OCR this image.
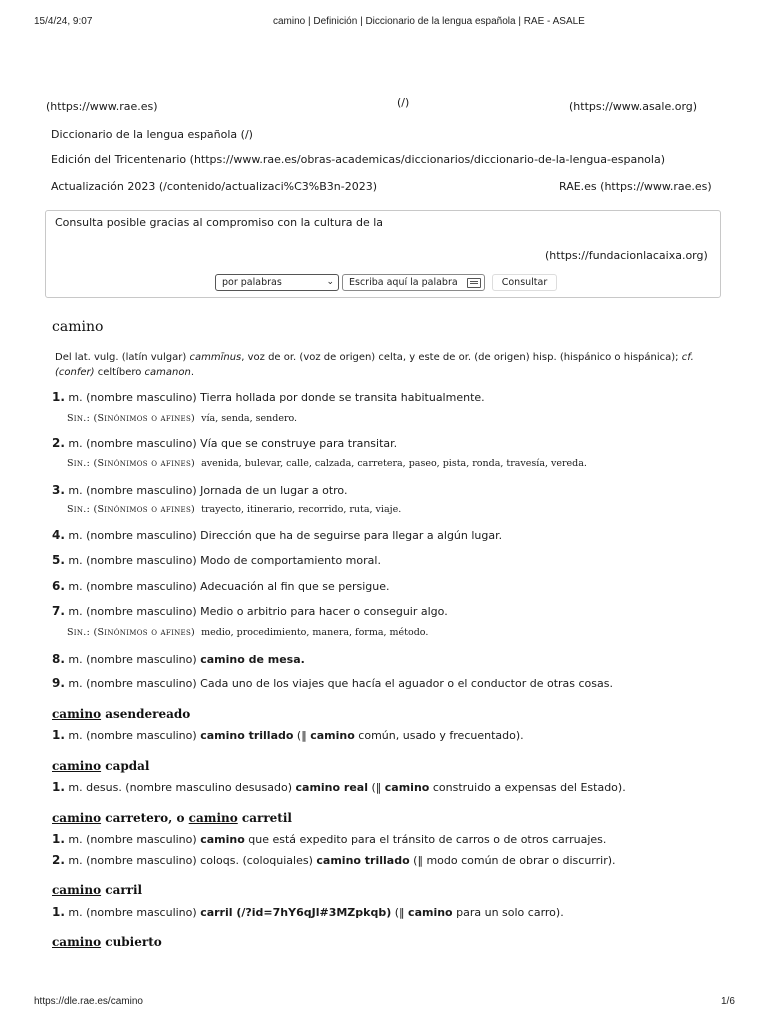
15/4/24, 9:07	camino | Definición | Diccionario de la lengua española | RAE - ASALE
https://dle.rae.es/camino	1/6
(https://www.rae.es)	(/)	(https://www.asale.org)
Diccionario de la lengua española (/)
Edición del Tricentenario (https://www.rae.es/obras-academicas/diccionarios/diccionario-de-la-lengua-espanola)
Actualización 2023 (/contenido/actualizaci%C3%B3n-2023)	RAE.es (https://www.rae.es)
Consulta posible gracias al compromiso con la cultura de la
(https://fundacionlacaixa.org)
por palabras	⌄	Escriba aquí la palabra	Consultar
camino
Del lat. vulg. (latín vulgar) cammīnus, voz de or. (voz de origen) celta, y este de or. (de origen) hisp. (hispánico o hispánica); cf. (confer) celtíbero camanon.
1. m. (nombre masculino) Tierra hollada por donde se transita habitualmente.
Sin.: (Sinónimos o afines) vía, senda, sendero.
2. m. (nombre masculino) Vía que se construye para transitar.
Sin.: (Sinónimos o afines) avenida, bulevar, calle, calzada, carretera, paseo, pista, ronda, travesía, vereda.
3. m. (nombre masculino) Jornada de un lugar a otro.
Sin.: (Sinónimos o afines) trayecto, itinerario, recorrido, ruta, viaje.
4. m. (nombre masculino) Dirección que ha de seguirse para llegar a algún lugar.
5. m. (nombre masculino) Modo de comportamiento moral.
6. m. (nombre masculino) Adecuación al fin que se persigue.
7. m. (nombre masculino) Medio o arbitrio para hacer o conseguir algo.
Sin.: (Sinónimos o afines) medio, procedimiento, manera, forma, método.
8. m. (nombre masculino) camino de mesa.
9. m. (nombre masculino) Cada uno de los viajes que hacía el aguador o el conductor de otras cosas.
camino asendereado
1. m. (nombre masculino) camino trillado (‖ camino común, usado y frecuentado).
camino capdal
1. m. desus. (nombre masculino desusado) camino real (‖ camino construido a expensas del Estado).
camino carretero, o camino carretil
1. m. (nombre masculino) camino que está expedito para el tránsito de carros o de otros carruajes.
2. m. (nombre masculino) coloqs. (coloquiales) camino trillado (‖ modo común de obrar o discurrir).
camino carril
1. m. (nombre masculino) carril (/?id=7hY6qJl#3MZpkqb) (‖ camino para un solo carro).
camino cubierto
